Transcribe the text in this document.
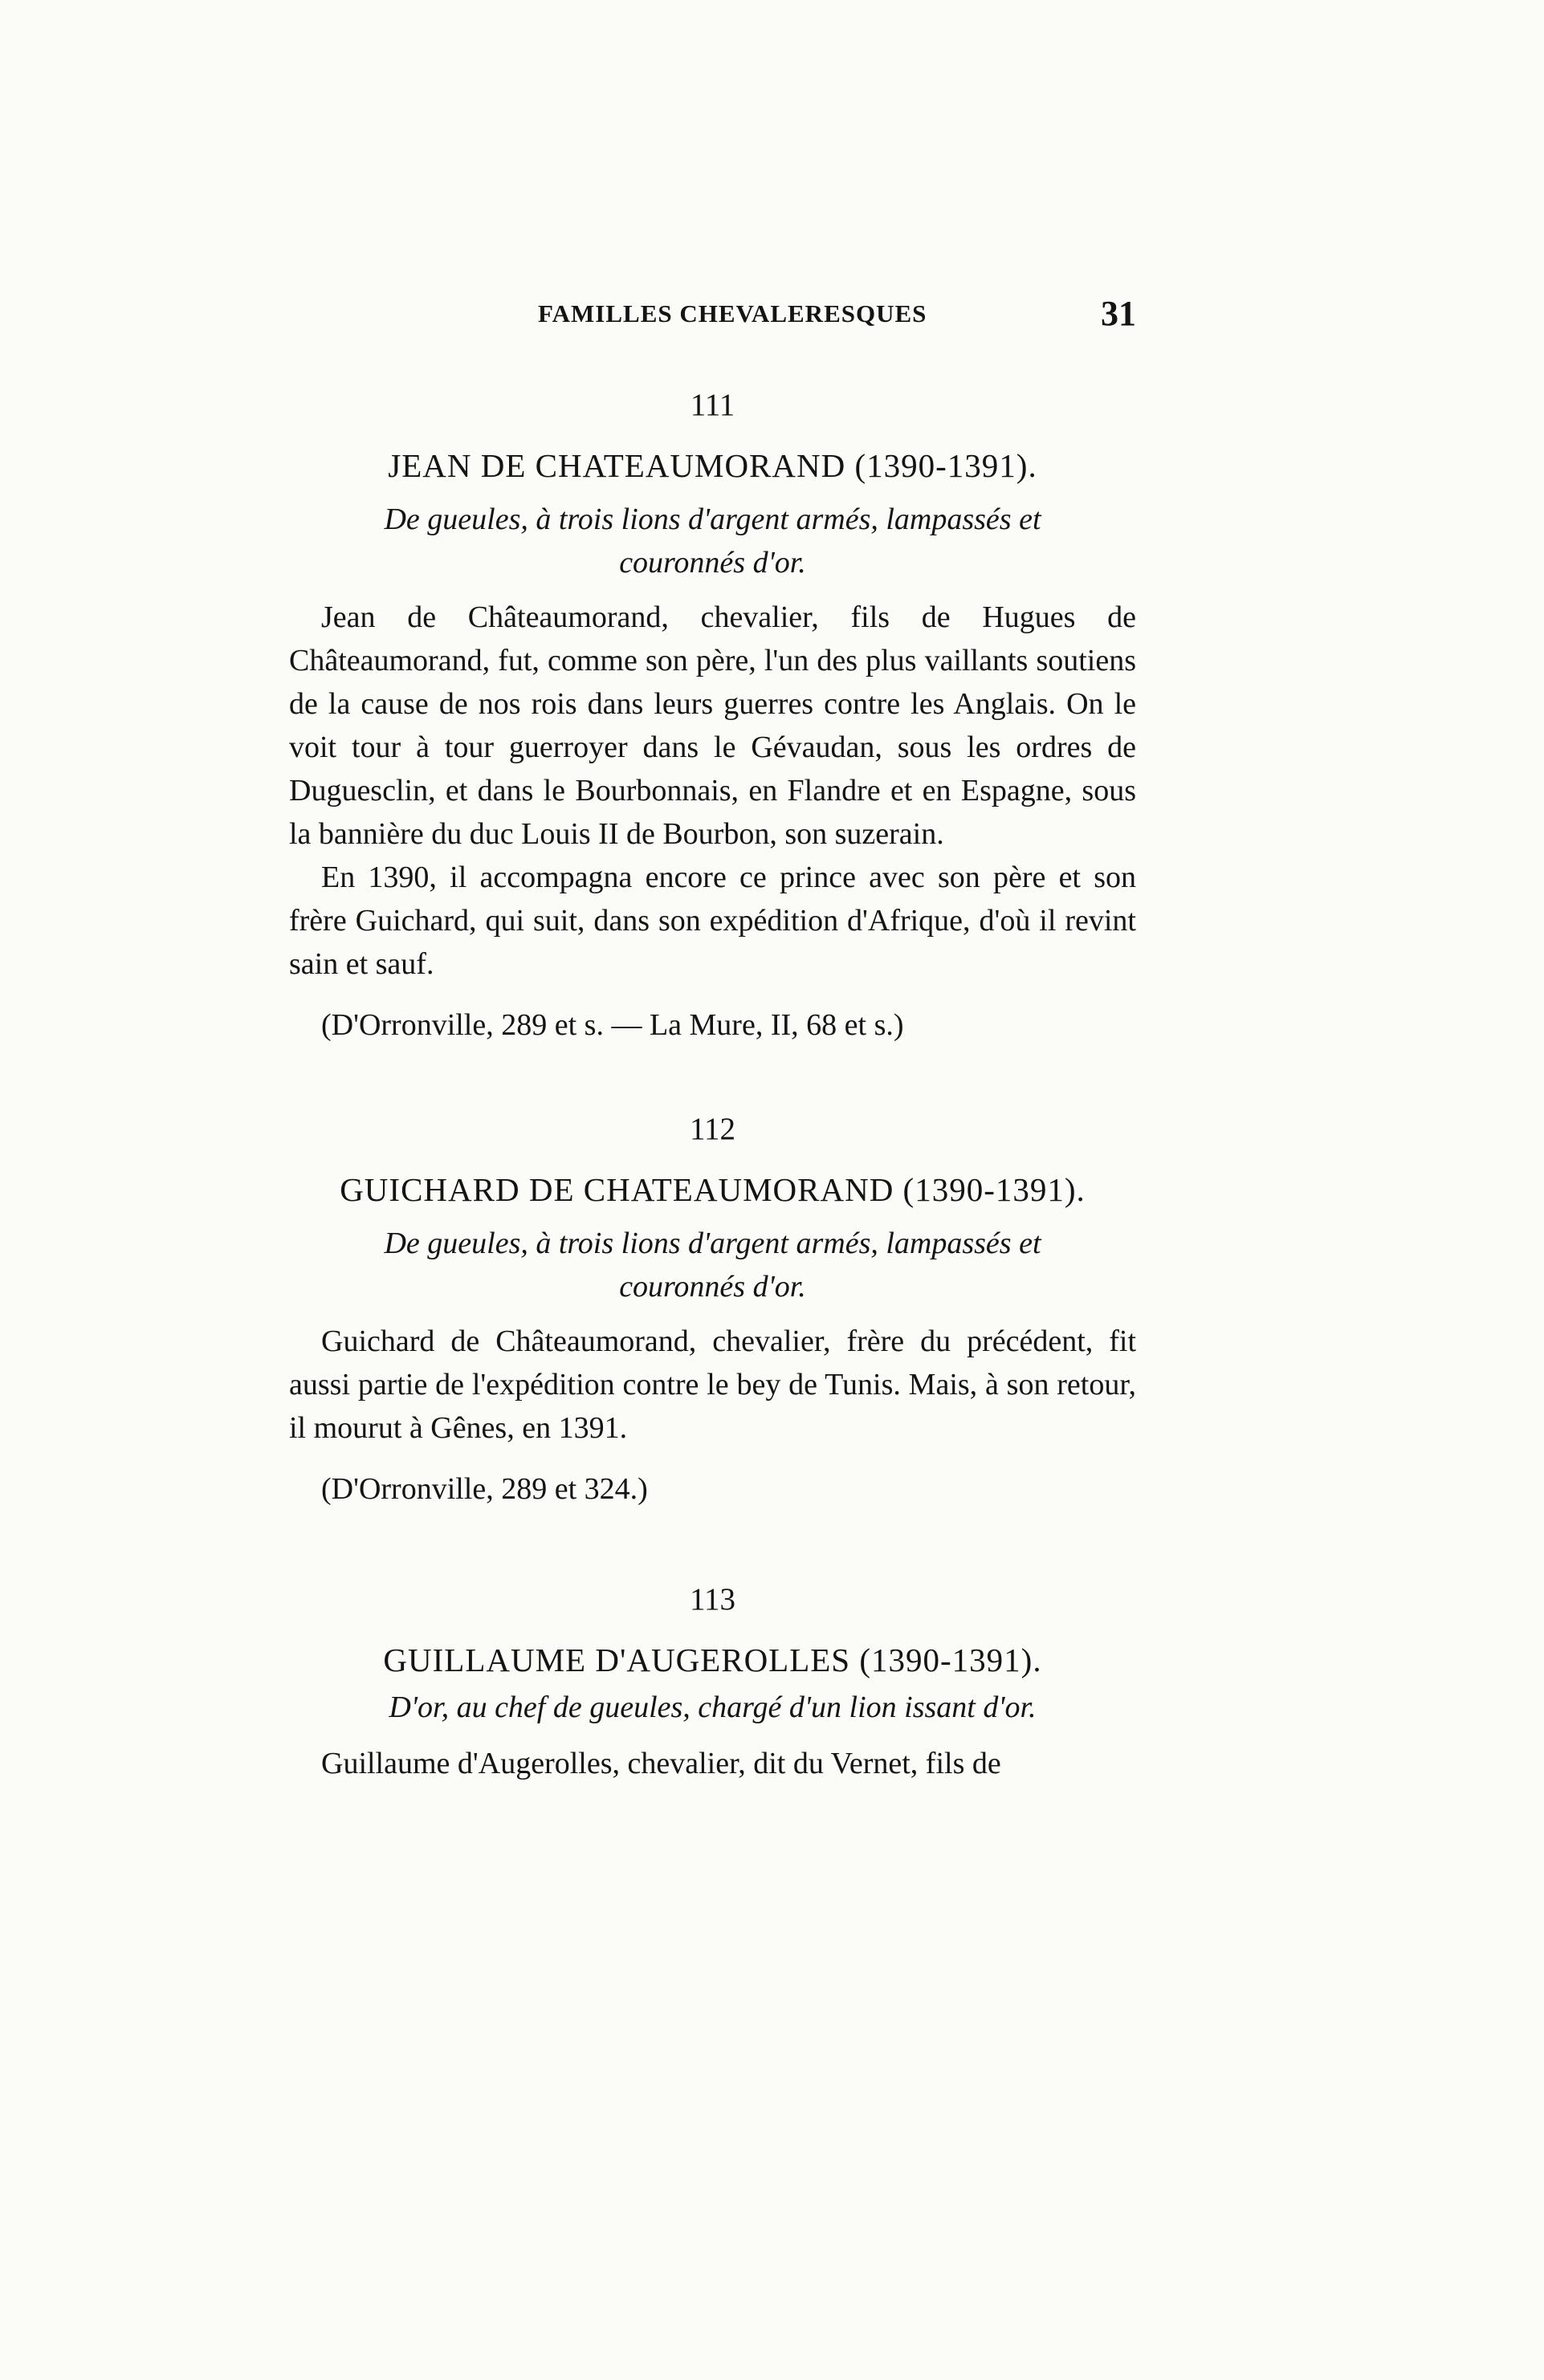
FAMILLES CHEVALERESQUES	31
111
JEAN DE CHATEAUMORAND (1390-1391).
De gueules, à trois lions d'argent armés, lampassés et couronnés d'or.

Jean de Châteaumorand, chevalier, fils de Hugues de Châteaumorand, fut, comme son père, l'un des plus vaillants soutiens de la cause de nos rois dans leurs guerres contre les Anglais. On le voit tour à tour guerroyer dans le Gévaudan, sous les ordres de Duguesclin, et dans le Bourbonnais, en Flandre et en Espagne, sous la bannière du duc Louis II de Bourbon, son suzerain.

En 1390, il accompagna encore ce prince avec son père et son frère Guichard, qui suit, dans son expédition d'Afrique, d'où il revint sain et sauf.

(D'Orronville, 289 et s. — La Mure, II, 68 et s.)

112
GUICHARD DE CHATEAUMORAND (1390-1391).
De gueules, à trois lions d'argent armés, lampassés et couronnés d'or.

Guichard de Châteaumorand, chevalier, frère du précédent, fit aussi partie de l'expédition contre le bey de Tunis. Mais, à son retour, il mourut à Gênes, en 1391.

(D'Orronville, 289 et 324.)

113
GUILLAUME D'AUGEROLLES (1390-1391).
D'or, au chef de gueules, chargé d'un lion issant d'or.

Guillaume d'Augerolles, chevalier, dit du Vernet, fils de
